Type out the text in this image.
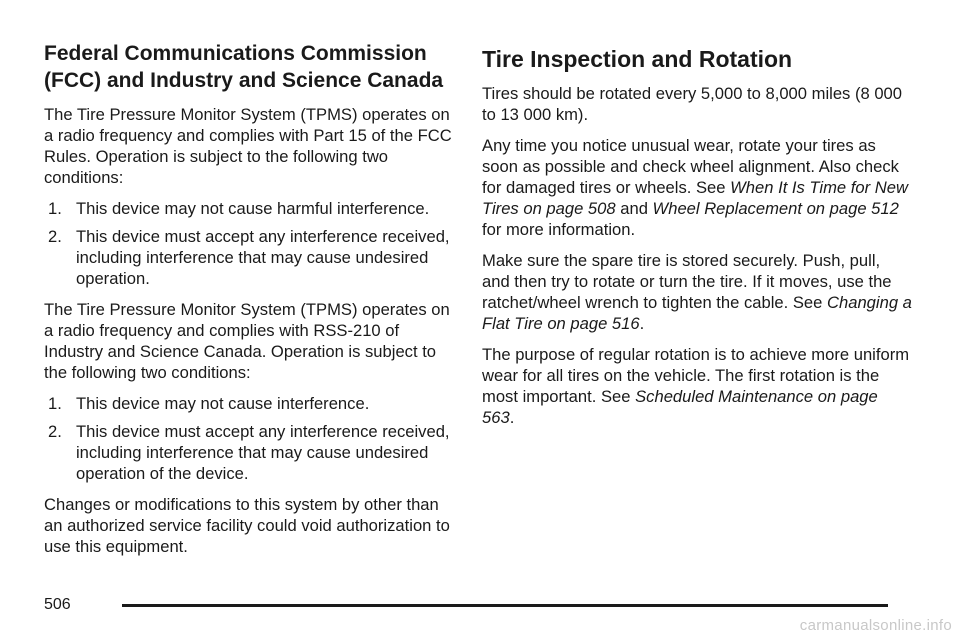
Federal Communications Commission (FCC) and Industry and Science Canada

The Tire Pressure Monitor System (TPMS) operates on a radio frequency and complies with Part 15 of the FCC Rules. Operation is subject to the following two conditions:

1. This device may not cause harmful interference.
2. This device must accept any interference received, including interference that may cause undesired operation.

The Tire Pressure Monitor System (TPMS) operates on a radio frequency and complies with RSS-210 of Industry and Science Canada. Operation is subject to the following two conditions:

1. This device may not cause interference.
2. This device must accept any interference received, including interference that may cause undesired operation of the device.

Changes or modifications to this system by other than an authorized service facility could void authorization to use this equipment.

Tire Inspection and Rotation

Tires should be rotated every 5,000 to 8,000 miles (8 000 to 13 000 km).

Any time you notice unusual wear, rotate your tires as soon as possible and check wheel alignment. Also check for damaged tires or wheels. See When It Is Time for New Tires on page 508 and Wheel Replacement on page 512 for more information.

Make sure the spare tire is stored securely. Push, pull, and then try to rotate or turn the tire. If it moves, use the ratchet/wheel wrench to tighten the cable. See Changing a Flat Tire on page 516.

The purpose of regular rotation is to achieve more uniform wear for all tires on the vehicle. The first rotation is the most important. See Scheduled Maintenance on page 563.

506
carmanualsonline.info
